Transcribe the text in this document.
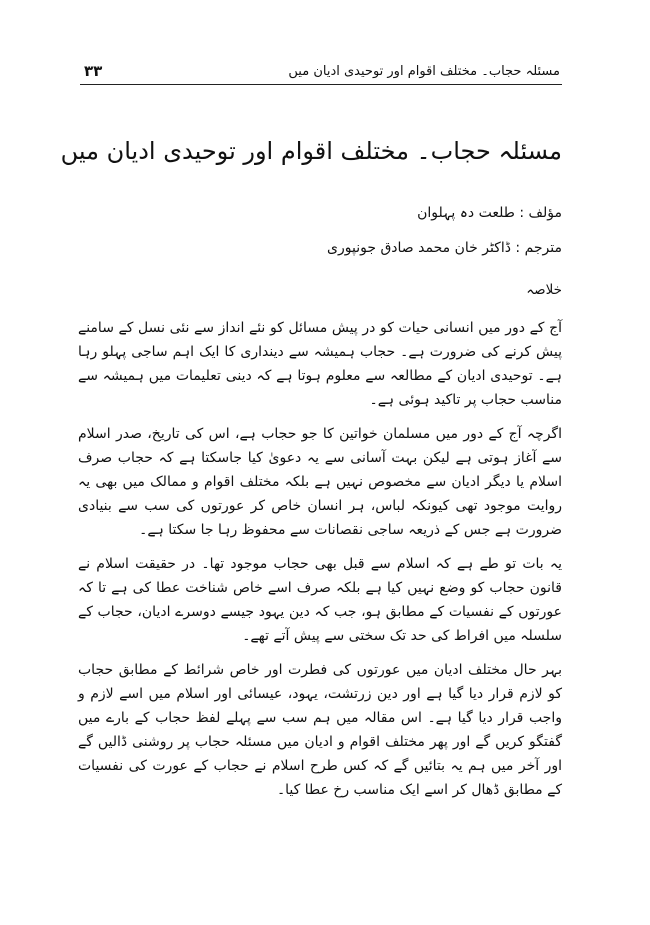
۳۳	مسئلہ حجاب۔ مختلف اقوام اور توحیدی ادیان میں
مسئلہ حجاب۔ مختلف اقوام اور توحیدی ادیان میں
مؤلف : طلعت دہ پہلوان
مترجم : ڈاکٹر خان محمد صادق جونپوری
خلاصہ

آج کے دور میں انسانی حیات کو در پیش مسائل کو نئے انداز سے نئی نسل کے سامنے پیش کرنے کی ضرورت ہے۔ حجاب ہمیشہ سے دینداری کا ایک اہم ساجی پہلو رہا ہے۔ توحیدی ادیان کے مطالعہ سے معلوم ہوتا ہے کہ دینی تعلیمات میں ہمیشہ سے مناسب حجاب پر تاکید ہوئی ہے۔

اگرچہ آج کے دور میں مسلمان خواتین کا جو حجاب ہے، اس کی تاریخ، صدر اسلام سے آغاز ہوتی ہے لیکن بہت آسانی سے یہ دعویٰ کیا جاسکتا ہے کہ حجاب صرف اسلام یا دیگر ادیان سے مخصوص نہیں ہے بلکہ مختلف اقوام و ممالک میں بھی یہ روایت موجود تھی کیونکہ لباس، ہر انسان خاص کر عورتوں کی سب سے بنیادی ضرورت ہے جس کے ذریعہ ساجی نقصانات سے محفوظ رہا جا سکتا ہے۔

یہ بات تو طے ہے کہ اسلام سے قبل بھی حجاب موجود تھا۔ در حقیقت اسلام نے قانون حجاب کو وضع نہیں کیا ہے بلکہ صرف اسے خاص شناخت عطا کی ہے تا کہ عورتوں کے نفسیات کے مطابق ہو، جب کہ دین یہود جیسے دوسرے ادیان، حجاب کے سلسلہ میں افراط کی حد تک سختی سے پیش آتے تھے۔

بہر حال مختلف ادیان میں عورتوں کی فطرت اور خاص شرائط کے مطابق حجاب کو لازم قرار دیا گیا ہے اور دین زرتشت، یہود، عیسائی اور اسلام میں اسے لازم و واجب قرار دیا گیا ہے۔ اس مقالہ میں ہم سب سے پہلے لفظ حجاب کے بارے میں گفتگو کریں گے اور پھر مختلف اقوام و ادیان میں مسئلہ حجاب پر روشنی ڈالیں گے اور آخر میں ہم یہ بتائیں گے کہ کس طرح اسلام نے حجاب کے عورت کی نفسیات کے مطابق ڈھال کر اسے ایک مناسب رخ عطا کیا۔
